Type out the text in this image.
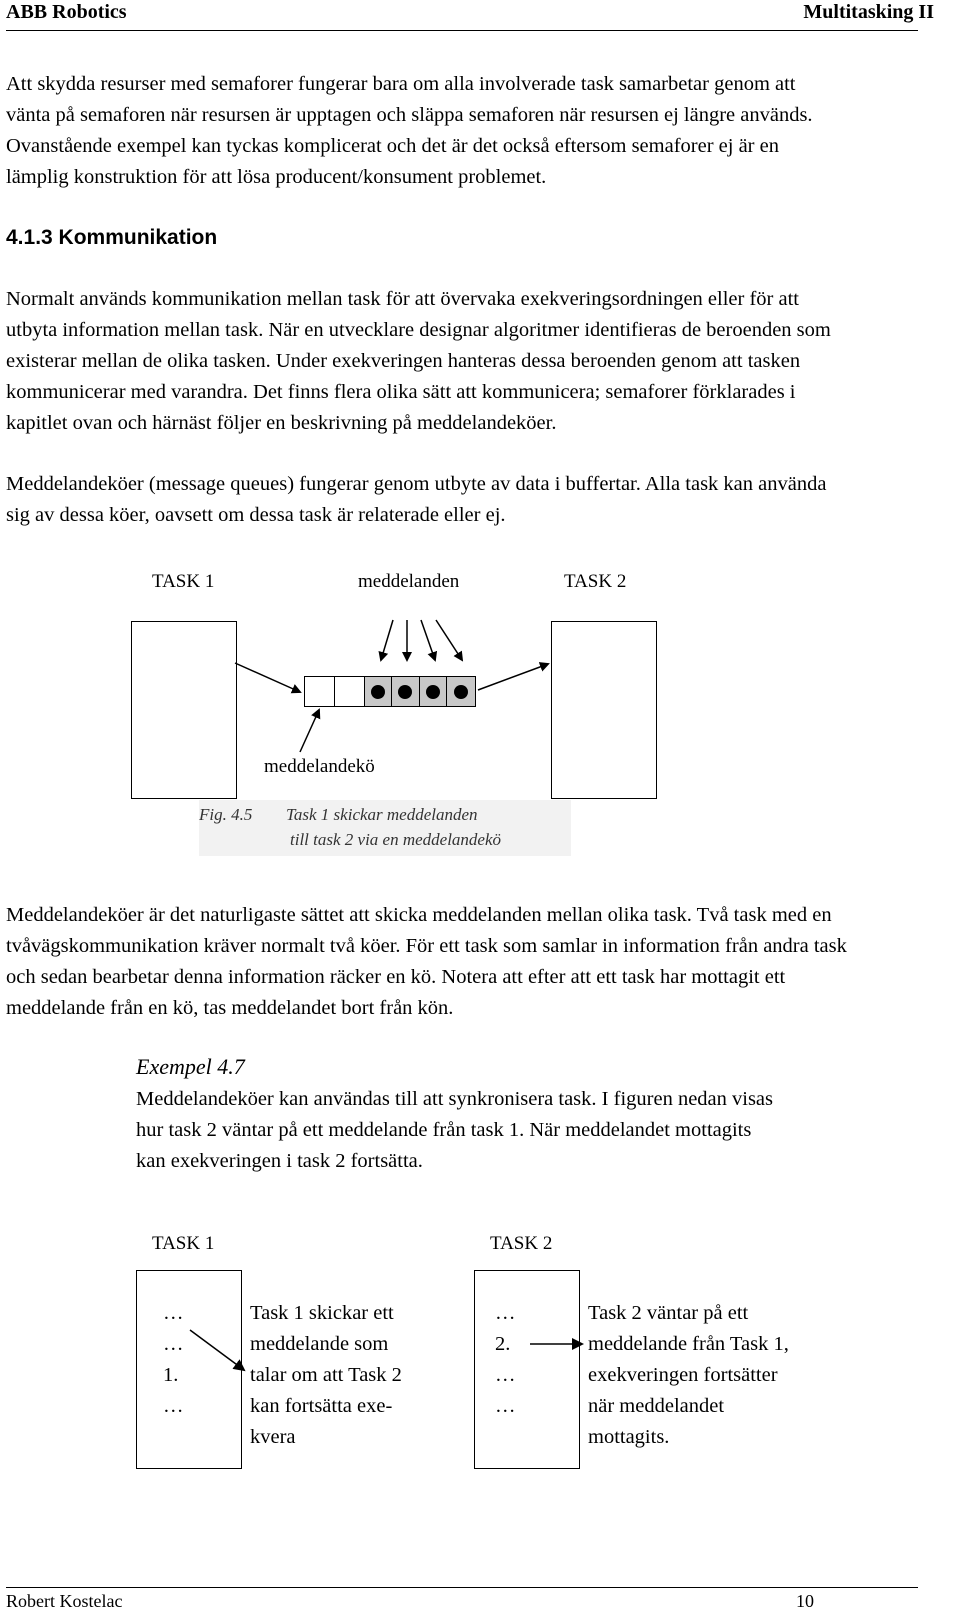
ABB Robotics	Multitasking II
Att skydda resurser med semaforer fungerar bara om alla involverade task samarbetar genom att
vänta på semaforen när resursen är upptagen och släppa semaforen när resursen ej längre används.
Ovanstående exempel kan tyckas komplicerat och det är det också eftersom semaforer ej är en
lämplig konstruktion för att lösa producent/konsument problemet.
4.1.3 Kommunikation
Normalt används kommunikation mellan task för att övervaka exekveringsordningen eller för att
utbyta information mellan task. När en utvecklare designar algoritmer identifieras de beroenden som
existerar mellan de olika tasken. Under exekveringen hanteras dessa beroenden genom att tasken
kommunicerar med varandra. Det finns flera olika sätt att kommunicera; semaforer förklarades i
kapitlet ovan och härnäst följer en beskrivning på meddelandeköer.
Meddelandeköer (message queues) fungerar genom utbyte av data i buffertar. Alla task kan använda
sig av dessa köer, oavsett om dessa task är relaterade eller ej.
TASK 1	meddelanden	TASK 2
meddelandekö
Fig. 4.5 Task 1 skickar meddelanden
till task 2 via en meddelandekö
Meddelandeköer är det naturligaste sättet att skicka meddelanden mellan olika task. Två task med en
tvåvägskommunikation kräver normalt två köer. För ett task som samlar in information från andra task
och sedan bearbetar denna information räcker en kö. Notera att efter att ett task har mottagit ett
meddelande från en kö, tas meddelandet bort från kön.
Exempel 4.7
Meddelandeköer kan användas till att synkronisera task. I figuren nedan visas
hur task 2 väntar på ett meddelande från task 1. När meddelandet mottagits
kan exekveringen i task 2 fortsätta.
TASK 1	TASK 2
…
…
1.
…
…
2.
…
…
Task 1 skickar ett
meddelande som
talar om att Task 2
kan fortsätta exe-
kvera
Task 2 väntar på ett
meddelande från Task 1,
exekveringen fortsätter
när meddelandet
mottagits.
Robert Kostelac	10
